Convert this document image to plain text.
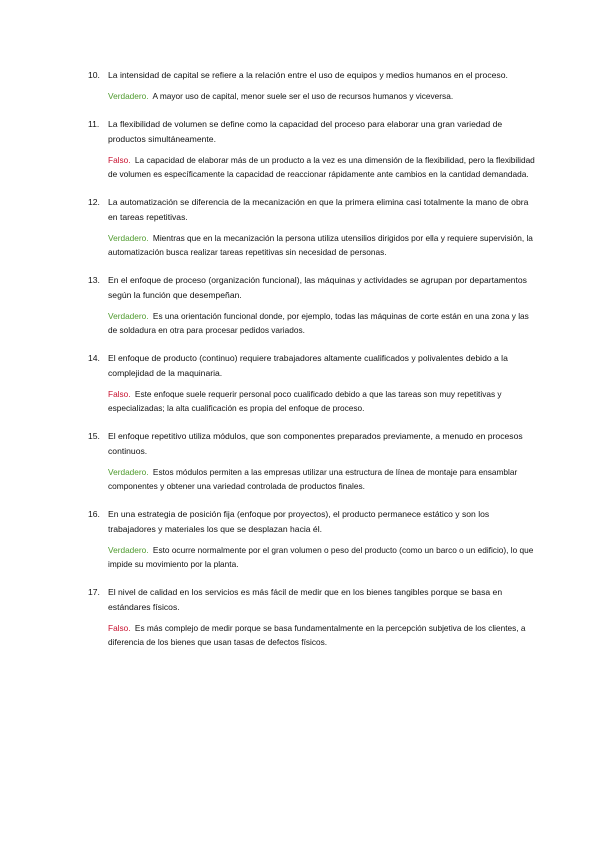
10. La intensidad de capital se refiere a la relación entre el uso de equipos y medios humanos en el proceso.
Verdadero. A mayor uso de capital, menor suele ser el uso de recursos humanos y viceversa.
11.	La flexibilidad de volumen se define como la capacidad del proceso para elaborar una gran variedad de productos simultáneamente.
Falso. La capacidad de elaborar más de un producto a la vez es una dimensión de la flexibilidad, pero la flexibilidad de volumen es específicamente la capacidad de reaccionar rápidamente ante cambios en la cantidad demandada.
12. La automatización se diferencia de la mecanización en que la primera elimina casi totalmente la mano de obra en tareas repetitivas.
Verdadero. Mientras que en la mecanización la persona utiliza utensilios dirigidos por ella y requiere supervisión, la automatización busca realizar tareas repetitivas sin necesidad de personas.
13. En el enfoque de proceso (organización funcional), las máquinas y actividades se agrupan por departamentos según la función que desempeñan.
Verdadero. Es una orientación funcional donde, por ejemplo, todas las máquinas de corte están en una zona y las de soldadura en otra para procesar pedidos variados.
14. El enfoque de producto (continuo) requiere trabajadores altamente cualificados y polivalentes debido a la complejidad de la maquinaria.
Falso. Este enfoque suele requerir personal poco cualificado debido a que las tareas son muy repetitivas y especializadas; la alta cualificación es propia del enfoque de proceso.
15. El enfoque repetitivo utiliza módulos, que son componentes preparados previamente, a menudo en procesos continuos.
Verdadero. Estos módulos permiten a las empresas utilizar una estructura de línea de montaje para ensamblar componentes y obtener una variedad controlada de productos finales.
16. En una estrategia de posición fija (enfoque por proyectos), el producto permanece estático y son los trabajadores y materiales los que se desplazan hacia él.
Verdadero. Esto ocurre normalmente por el gran volumen o peso del producto (como un barco o un edificio), lo que impide su movimiento por la planta.
17. El nivel de calidad en los servicios es más fácil de medir que en los bienes tangibles porque se basa en estándares físicos.
Falso. Es más complejo de medir porque se basa fundamentalmente en la percepción subjetiva de los clientes, a diferencia de los bienes que usan tasas de defectos físicos.
